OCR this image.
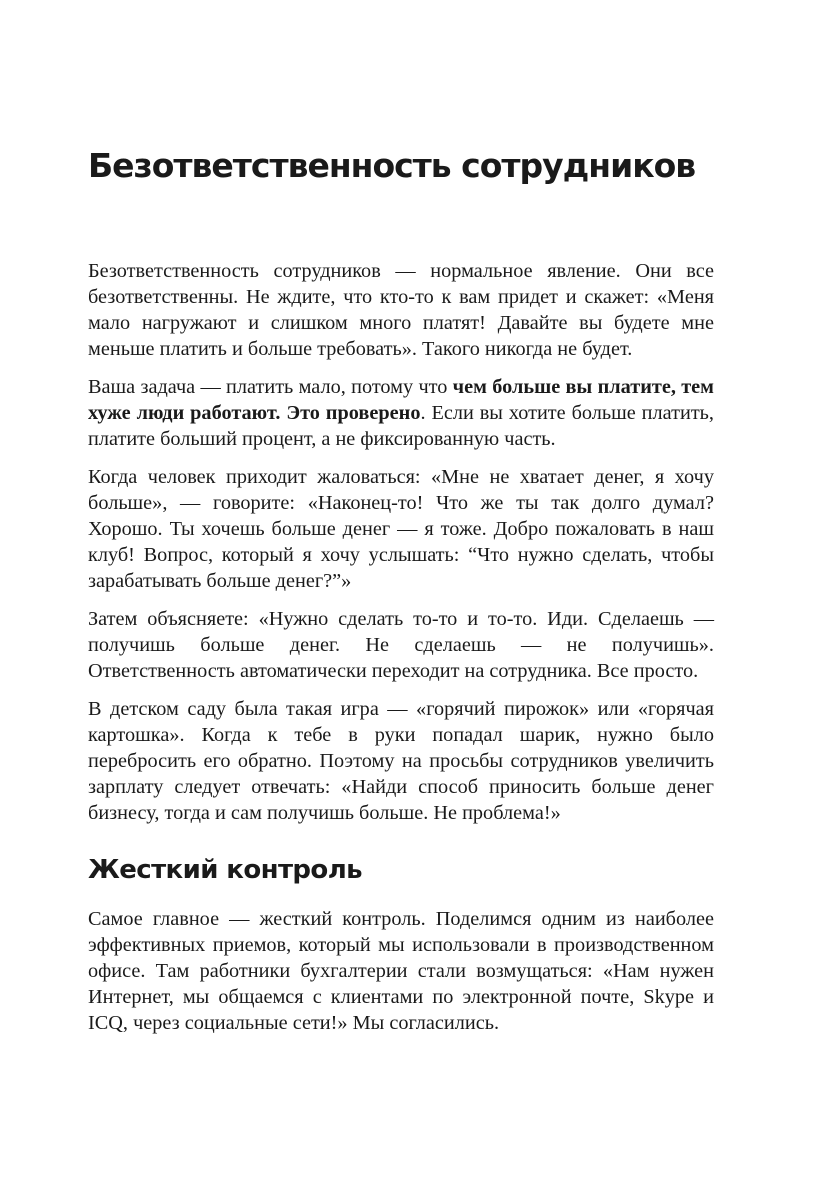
Безответственность сотрудников

Безответственность сотрудников — нормальное явление. Они все безответственны. Не ждите, что кто-то к вам придет и скажет: «Меня мало нагружают и слишком много платят! Давайте вы будете мне меньше платить и больше требовать». Такого никогда не будет.

Ваша задача — платить мало, потому что чем больше вы платите, тем хуже люди работают. Это проверено. Если вы хотите больше платить, платите больший процент, а не фиксированную часть.

Когда человек приходит жаловаться: «Мне не хватает денег, я хочу больше», — говорите: «Наконец-то! Что же ты так долго думал? Хорошо. Ты хочешь больше денег — я тоже. Добро пожаловать в наш клуб! Вопрос, который я хочу услышать: “Что нужно сделать, чтобы зарабатывать больше денег?”»

Затем объясняете: «Нужно сделать то-то и то-то. Иди. Сделаешь — получишь больше денег. Не сделаешь — не получишь». Ответственность автоматически переходит на сотрудника. Все просто.

В детском саду была такая игра — «горячий пирожок» или «горячая картошка». Когда к тебе в руки попадал шарик, нужно было перебросить его обратно. Поэтому на просьбы сотрудников увеличить зарплату следует отвечать: «Найди способ приносить больше денег бизнесу, тогда и сам получишь больше. Не проблема!»

Жесткий контроль

Самое главное — жесткий контроль. Поделимся одним из наиболее эффективных приемов, который мы использовали в производственном офисе. Там работники бухгалтерии стали возмущаться: «Нам нужен Интернет, мы общаемся с клиентами по электронной почте, Skype и ICQ, через социальные сети!» Мы согласились.
